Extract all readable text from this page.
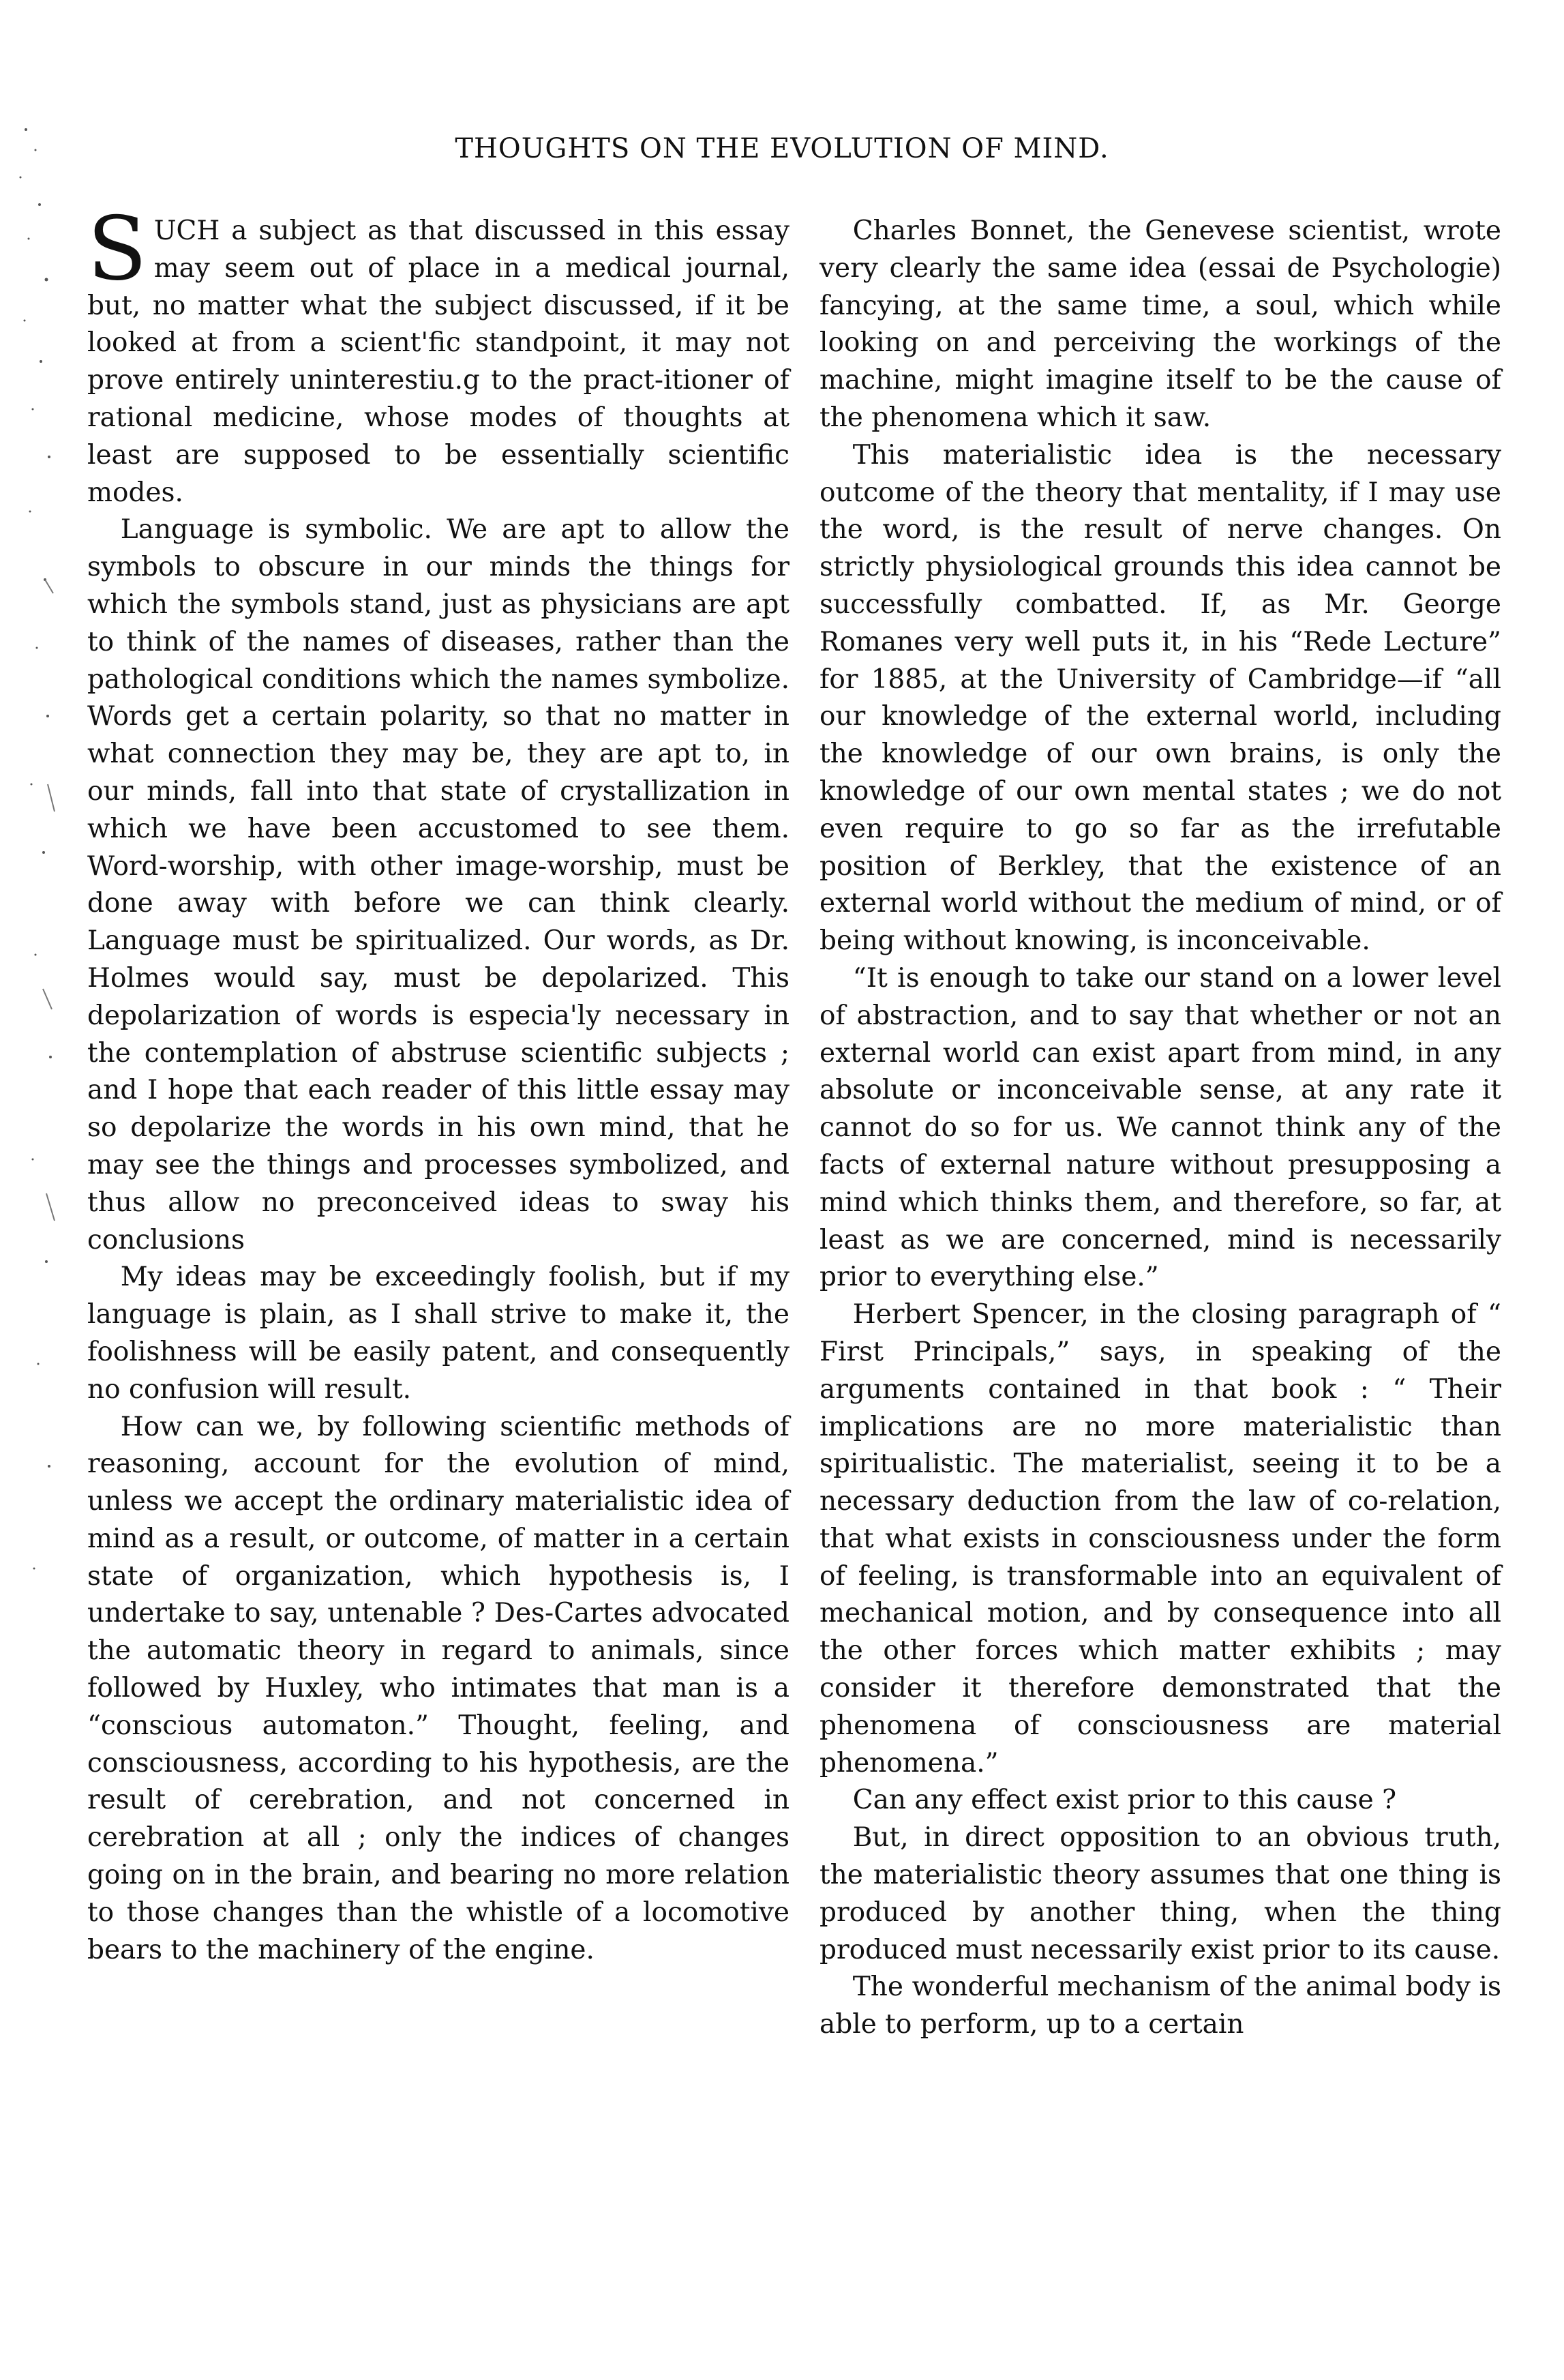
THOUGHTS ON THE EVOLUTION OF MIND.

SUCH a subject as that discussed in this essay may seem out of place in a medical journal, but, no matter what the subject discussed, if it be looked at from a scient'fic standpoint, it may not prove entirely uninterestiu.g to the pract-itioner of rational medicine, whose modes of thoughts at least are supposed to be essentially scientific modes.

Language is symbolic. We are apt to allow the symbols to obscure in our minds the things for which the symbols stand, just as physicians are apt to think of the names of diseases, rather than the pathological conditions which the names symbolize. Words get a certain polarity, so that no matter in what connection they may be, they are apt to, in our minds, fall into that state of crystallization in which we have been accustomed to see them. Word-worship, with other image-worship, must be done away with before we can think clearly. Language must be spiritualized. Our words, as Dr. Holmes would say, must be depolarized. This depolarization of words is especia'ly necessary in the contemplation of abstruse scientific subjects ; and I hope that each reader of this little essay may so depolarize the words in his own mind, that he may see the things and processes symbolized, and thus allow no preconceived ideas to sway his conclusions

My ideas may be exceedingly foolish, but if my language is plain, as I shall strive to make it, the foolishness will be easily patent, and consequently no confusion will result.

How can we, by following scientific methods of reasoning, account for the evolution of mind, unless we accept the ordinary materialistic idea of mind as a result, or outcome, of matter in a certain state of organization, which hypothesis is, I undertake to say, untenable ? Des-Cartes advocated the automatic theory in regard to animals, since followed by Huxley, who intimates that man is a “conscious automaton.” Thought, feeling, and consciousness, according to his hypothesis, are the result of cerebration, and not concerned in cerebration at all ; only the indices of changes going on in the brain, and bearing no more relation to those changes than the whistle of a locomotive bears to the machinery of the engine.

Charles Bonnet, the Genevese scientist, wrote very clearly the same idea (essai de Psychologie) fancying, at the same time, a soul, which while looking on and perceiving the workings of the machine, might imagine itself to be the cause of the phenomena which it saw.

This materialistic idea is the necessary outcome of the theory that mentality, if I may use the word, is the result of nerve changes. On strictly physiological grounds this idea cannot be successfully combatted. If, as Mr. George Romanes very well puts it, in his “Rede Lecture” for 1885, at the University of Cambridge—if “all our knowledge of the external world, including the knowledge of our own brains, is only the knowledge of our own mental states ; we do not even require to go so far as the irrefutable position of Berkley, that the existence of an external world without the medium of mind, or of being without knowing, is inconceivable.

“It is enough to take our stand on a lower level of abstraction, and to say that whether or not an external world can exist apart from mind, in any absolute or inconceivable sense, at any rate it cannot do so for us. We cannot think any of the facts of external nature without presupposing a mind which thinks them, and therefore, so far, at least as we are concerned, mind is necessarily prior to everything else.”

Herbert Spencer, in the closing paragraph of “ First Principals,” says, in speaking of the arguments contained in that book : “ Their implications are no more materialistic than spiritualistic. The materialist, seeing it to be a necessary deduction from the law of co-relation, that what exists in consciousness under the form of feeling, is transformable into an equivalent of mechanical motion, and by consequence into all the other forces which matter exhibits ; may consider it therefore demonstrated that the phenomena of consciousness are material phenomena.”

Can any effect exist prior to this cause ?

But, in direct opposition to an obvious truth, the materialistic theory assumes that one thing is produced by another thing, when the thing produced must necessarily exist prior to its cause.

The wonderful mechanism of the animal body is able to perform, up to a certain
